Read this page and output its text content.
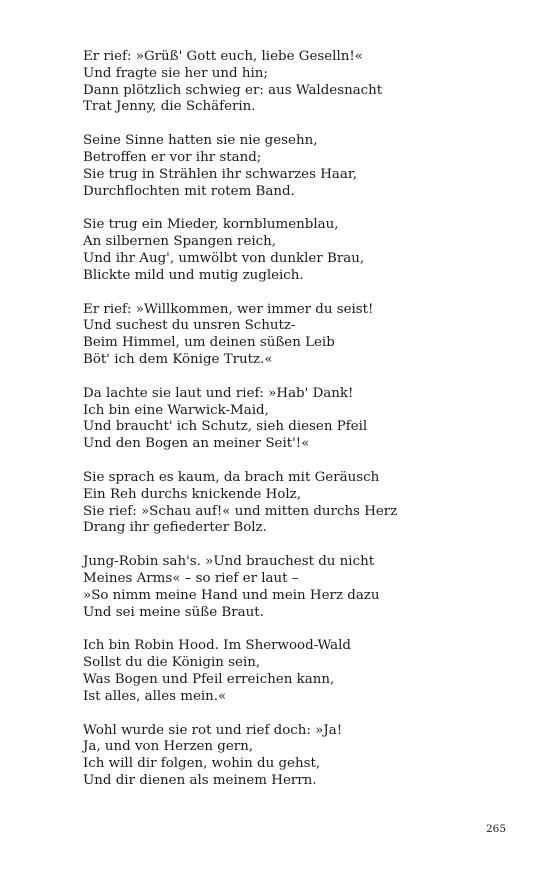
Er rief: »Grüß' Gott euch, liebe Geselln!«
Und fragte sie her und hin;
Dann plötzlich schwieg er: aus Waldesnacht
Trat Jenny, die Schäferin.
Seine Sinne hatten sie nie gesehn,
Betroffen er vor ihr stand;
Sie trug in Strählen ihr schwarzes Haar,
Durchflochten mit rotem Band.
Sie trug ein Mieder, kornblumenblau,
An silbernen Spangen reich,
Und ihr Aug', umwölbt von dunkler Brau,
Blickte mild und mutig zugleich.
Er rief: »Willkommen, wer immer du seist!
Und suchest du unsren Schutz-
Beim Himmel, um deinen süßen Leib
Böt' ich dem Könige Trutz.«
Da lachte sie laut und rief: »Hab' Dank!
Ich bin eine Warwick-Maid,
Und braucht' ich Schutz, sieh diesen Pfeil
Und den Bogen an meiner Seit'!«
Sie sprach es kaum, da brach mit Geräusch
Ein Reh durchs knickende Holz,
Sie rief: »Schau auf!« und mitten durchs Herz
Drang ihr gefiederter Bolz.
Jung-Robin sah's. »Und brauchest du nicht
Meines Arms« – so rief er laut –
»So nimm meine Hand und mein Herz dazu
Und sei meine süße Braut.
Ich bin Robin Hood. Im Sherwood-Wald
Sollst du die Königin sein,
Was Bogen und Pfeil erreichen kann,
Ist alles, alles mein.«
Wohl wurde sie rot und rief doch: »Ja!
Ja, und von Herzen gern,
Ich will dir folgen, wohin du gehst,
Und dir dienen als meinem Herrn.
265
